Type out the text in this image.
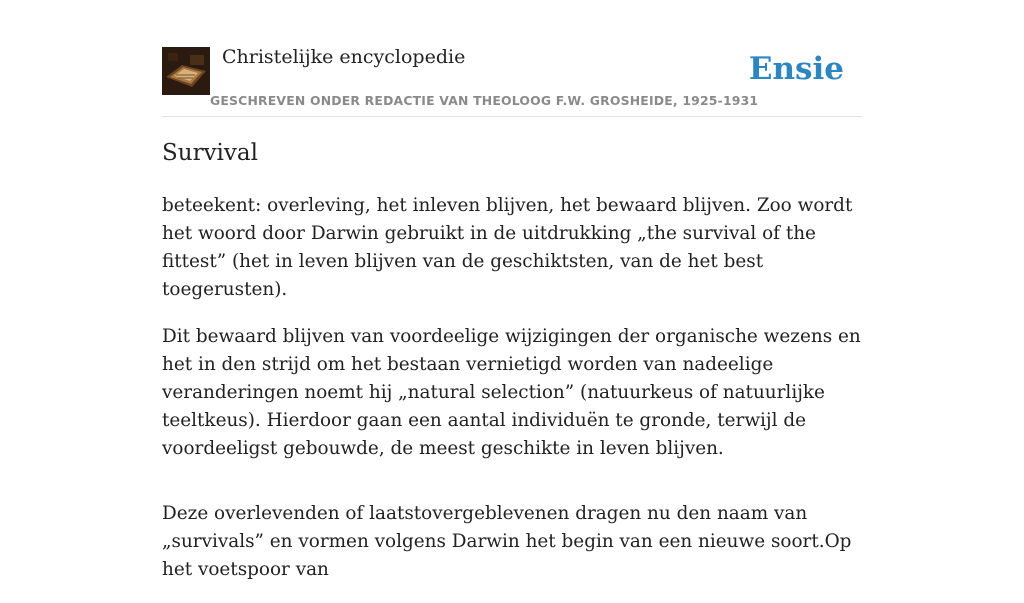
Christelijke encyclopedie
GESCHREVEN ONDER REDACTIE VAN THEOLOOG F.W. GROSHEIDE, 1925-1931
Ensie
Survival

beteekent: overleving, het inleven blijven, het bewaard blijven. Zoo wordt het woord door Darwin gebruikt in de uitdrukking „the survival of the fittest” (het in leven blijven van de geschiktsten, van de het best toegerusten).

Dit bewaard blijven van voordeelige wijzigingen der organische wezens en het in den strijd om het bestaan vernietigd worden van nadeelige veranderingen noemt hij „natural selection” (natuurkeus of natuurlijke teeltkeus). Hierdoor gaan een aantal individuën te gronde, terwijl de voordeeligst gebouwde, de meest geschikte in leven blijven.

Deze overlevenden of laatstovergeblevenen dragen nu den naam van „survivals” en vormen volgens Darwin het begin van een nieuwe soort.Op het voetspoor van
